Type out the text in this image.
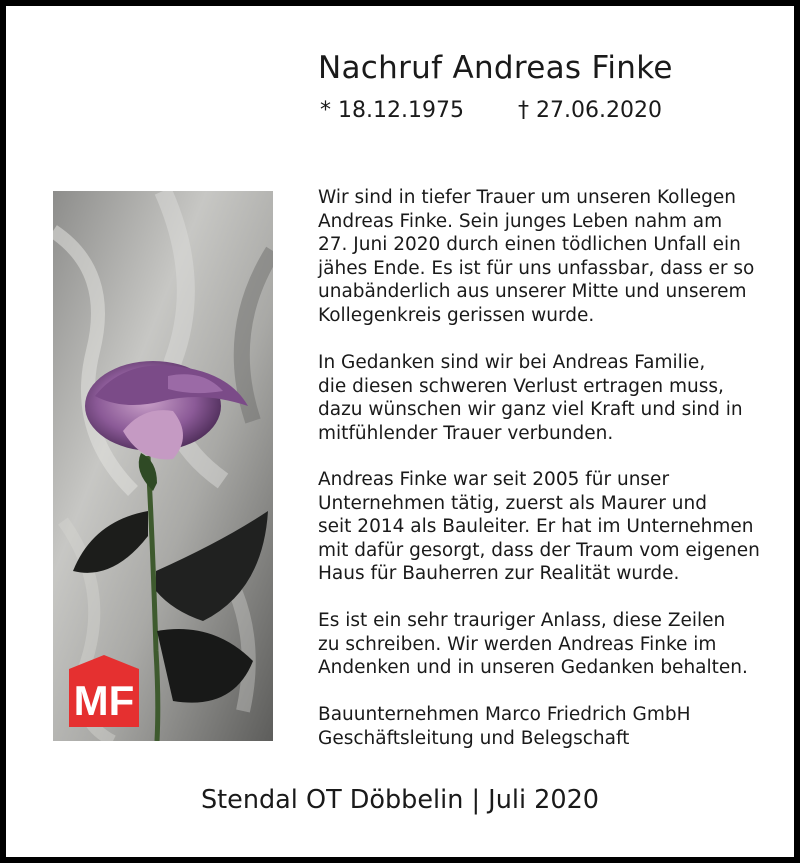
Nachruf Andreas Finke
* 18.12.1975 † 27.06.2020
MF

Wir sind in tiefer Trauer um unseren Kollegen
Andreas Finke. Sein junges Leben nahm am
27. Juni 2020 durch einen tödlichen Unfall ein
jähes Ende. Es ist für uns unfassbar, dass er so
unabänderlich aus unserer Mitte und unserem
Kollegenkreis gerissen wurde.

In Gedanken sind wir bei Andreas Familie,
die diesen schweren Verlust ertragen muss,
dazu wünschen wir ganz viel Kraft und sind in
mitfühlender Trauer verbunden.

Andreas Finke war seit 2005 für unser
Unternehmen tätig, zuerst als Maurer und
seit 2014 als Bauleiter. Er hat im Unternehmen
mit dafür gesorgt, dass der Traum vom eigenen
Haus für Bauherren zur Realität wurde.

Es ist ein sehr trauriger Anlass, diese Zeilen
zu schreiben. Wir werden Andreas Finke im
Andenken und in unseren Gedanken behalten.

Bauunternehmen Marco Friedrich GmbH
Geschäftsleitung und Belegschaft

Stendal OT Döbbelin | Juli 2020
